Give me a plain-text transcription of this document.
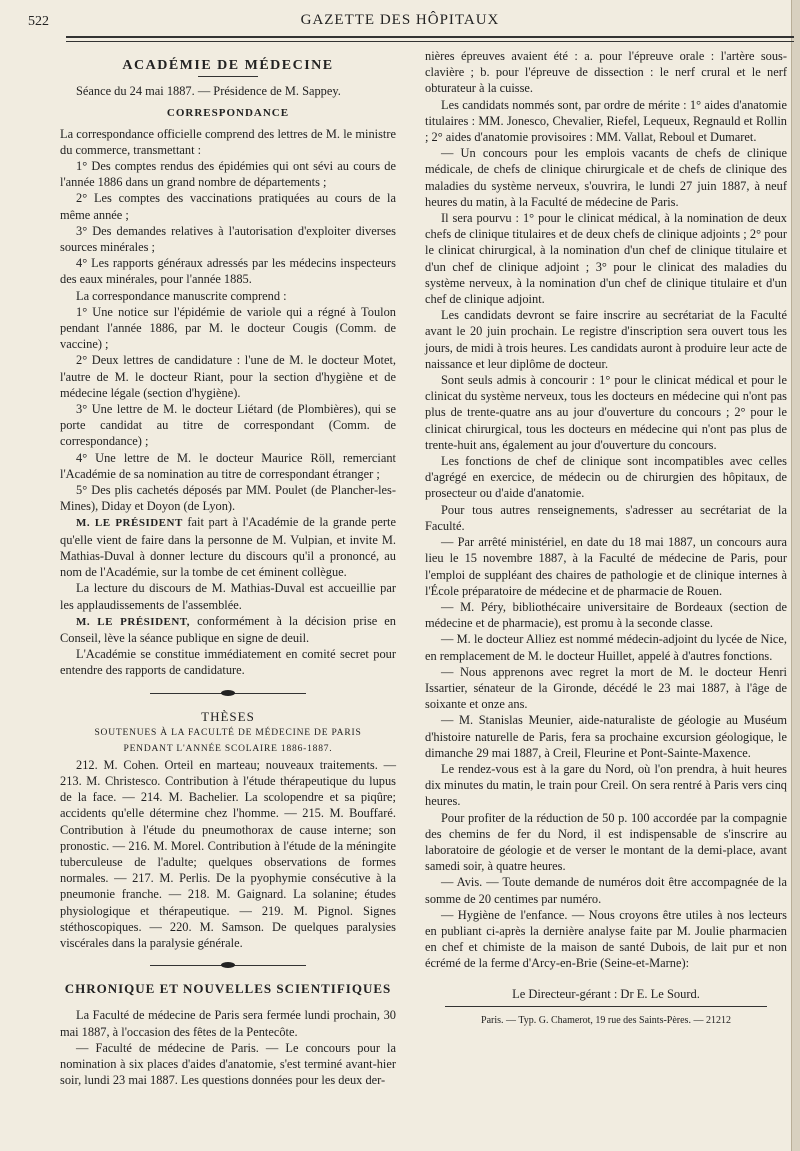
522	GAZETTE DES HÔPITAUX
ACADÉMIE DE MÉDECINE

Séance du 24 mai 1887. — Présidence de M. Sappey.

CORRESPONDANCE

La correspondance officielle comprend des lettres de M. le ministre du commerce, transmettant :

1° Des comptes rendus des épidémies qui ont sévi au cours de l'année 1886 dans un grand nombre de départements ;

2° Les comptes des vaccinations pratiquées au cours de la même année ;

3° Des demandes relatives à l'autorisation d'exploiter diverses sources minérales ;

4° Les rapports généraux adressés par les médecins inspecteurs des eaux minérales, pour l'année 1885.

La correspondance manuscrite comprend :

1° Une notice sur l'épidémie de variole qui a régné à Toulon pendant l'année 1886, par M. le docteur Cougis (Comm. de vaccine) ;

2° Deux lettres de candidature : l'une de M. le docteur Motet, l'autre de M. le docteur Riant, pour la section d'hygiène et de médecine légale (section d'hygiène).

3° Une lettre de M. le docteur Liétard (de Plombières), qui se porte candidat au titre de correspondant (Comm. de correspondance) ;

4° Une lettre de M. le docteur Maurice Röll, remerciant l'Académie de sa nomination au titre de correspondant étranger ;

5° Des plis cachetés déposés par MM. Poulet (de Plancher-les-Mines), Diday et Doyon (de Lyon).

M. LE PRÉSIDENT fait part à l'Académie de la grande perte qu'elle vient de faire dans la personne de M. Vulpian, et invite M. Mathias-Duval à donner lecture du discours qu'il a prononcé, au nom de l'Académie, sur la tombe de cet éminent collègue.

La lecture du discours de M. Mathias-Duval est accueillie par les applaudissements de l'assemblée.

M. LE PRÉSIDENT, conformément à la décision prise en Conseil, lève la séance publique en signe de deuil.

L'Académie se constitue immédiatement en comité secret pour entendre des rapports de candidature.

THÈSES
SOUTENUES À LA FACULTÉ DE MÉDECINE DE PARIS
PENDANT L'ANNÉE SCOLAIRE 1886-1887.

212. M. Cohen. Orteil en marteau; nouveaux traitements. — 213. M. Christesco. Contribution à l'étude thérapeutique du lupus de la face. — 214. M. Bachelier. La scolopendre et sa piqûre; accidents qu'elle détermine chez l'homme. — 215. M. Bouffaré. Contribution à l'étude du pneumothorax de cause interne; son pronostic. — 216. M. Morel. Contribution à l'étude de la méningite tuberculeuse de l'adulte; quelques observations de formes normales. — 217. M. Perlis. De la pyophymie consécutive à la pneumonie franche. — 218. M. Gaignard. La solanine; études physiologique et thérapeutique. — 219. M. Pignol. Signes stéthoscopiques. — 220. M. Samson. De quelques paralysies viscérales dans la paralysie générale.

CHRONIQUE ET NOUVELLES SCIENTIFIQUES

La Faculté de médecine de Paris sera fermée lundi prochain, 30 mai 1887, à l'occasion des fêtes de la Pentecôte.

— Faculté de médecine de Paris. — Le concours pour la nomination à six places d'aides d'anatomie, s'est terminé avant-hier soir, lundi 23 mai 1887. Les questions données pour les deux der-

nières épreuves avaient été : a. pour l'épreuve orale : l'artère sous-clavière ; b. pour l'épreuve de dissection : le nerf crural et le nerf obturateur à la cuisse.

Les candidats nommés sont, par ordre de mérite : 1° aides d'anatomie titulaires : MM. Jonesco, Chevalier, Riefel, Lequeux, Regnauld et Rollin ; 2° aides d'anatomie provisoires : MM. Vallat, Reboul et Dumaret.

— Un concours pour les emplois vacants de chefs de clinique médicale, de chefs de clinique chirurgicale et de chefs de clinique des maladies du système nerveux, s'ouvrira, le lundi 27 juin 1887, à neuf heures du matin, à la Faculté de médecine de Paris.

Il sera pourvu : 1° pour le clinicat médical, à la nomination de deux chefs de clinique titulaires et de deux chefs de clinique adjoints ; 2° pour le clinicat chirurgical, à la nomination d'un chef de clinique titulaire et d'un chef de clinique adjoint ; 3° pour le clinicat des maladies du système nerveux, à la nomination d'un chef de clinique titulaire et d'un chef de clinique adjoint.

Les candidats devront se faire inscrire au secrétariat de la Faculté avant le 20 juin prochain. Le registre d'inscription sera ouvert tous les jours, de midi à trois heures. Les candidats auront à produire leur acte de naissance et leur diplôme de docteur.

Sont seuls admis à concourir : 1° pour le clinicat médical et pour le clinicat du système nerveux, tous les docteurs en médecine qui n'ont pas plus de trente-quatre ans au jour d'ouverture du concours ; 2° pour le clinicat chirurgical, tous les docteurs en médecine qui n'ont pas plus de trente-huit ans, également au jour d'ouverture du concours.

Les fonctions de chef de clinique sont incompatibles avec celles d'agrégé en exercice, de médecin ou de chirurgien des hôpitaux, de prosecteur ou d'aide d'anatomie.

Pour tous autres renseignements, s'adresser au secrétariat de la Faculté.

— Par arrêté ministériel, en date du 18 mai 1887, un concours aura lieu le 15 novembre 1887, à la Faculté de médecine de Paris, pour l'emploi de suppléant des chaires de pathologie et de clinique internes à l'École préparatoire de médecine et de pharmacie de Rouen.

— M. Péry, bibliothécaire universitaire de Bordeaux (section de médecine et de pharmacie), est promu à la seconde classe.

— M. le docteur Alliez est nommé médecin-adjoint du lycée de Nice, en remplacement de M. le docteur Huillet, appelé à d'autres fonctions.

— Nous apprenons avec regret la mort de M. le docteur Henri Issartier, sénateur de la Gironde, décédé le 23 mai 1887, à l'âge de soixante et onze ans.

— M. Stanislas Meunier, aide-naturaliste de géologie au Muséum d'histoire naturelle de Paris, fera sa prochaine excursion géologique, le dimanche 29 mai 1887, à Creil, Fleurine et Pont-Sainte-Maxence.

Le rendez-vous est à la gare du Nord, où l'on prendra, à huit heures dix minutes du matin, le train pour Creil. On sera rentré à Paris vers cinq heures.

Pour profiter de la réduction de 50 p. 100 accordée par la compagnie des chemins de fer du Nord, il est indispensable de s'inscrire au laboratoire de géologie et de verser le montant de la demi-place, avant samedi soir, à quatre heures.

— Avis. — Toute demande de numéros doit être accompagnée de la somme de 20 centimes par numéro.

— Hygiène de l'enfance. — Nous croyons être utiles à nos lecteurs en publiant ci-après la dernière analyse faite par M. Joulie pharmacien en chef et chimiste de la maison de santé Dubois, de lait pur et non écrémé de la ferme d'Arcy-en-Brie (Seine-et-Marne):

Le Directeur-gérant : Dr E. Le Sourd.
Paris. — Typ. G. Chamerot, 19 rue des Saints-Pères. — 21212
